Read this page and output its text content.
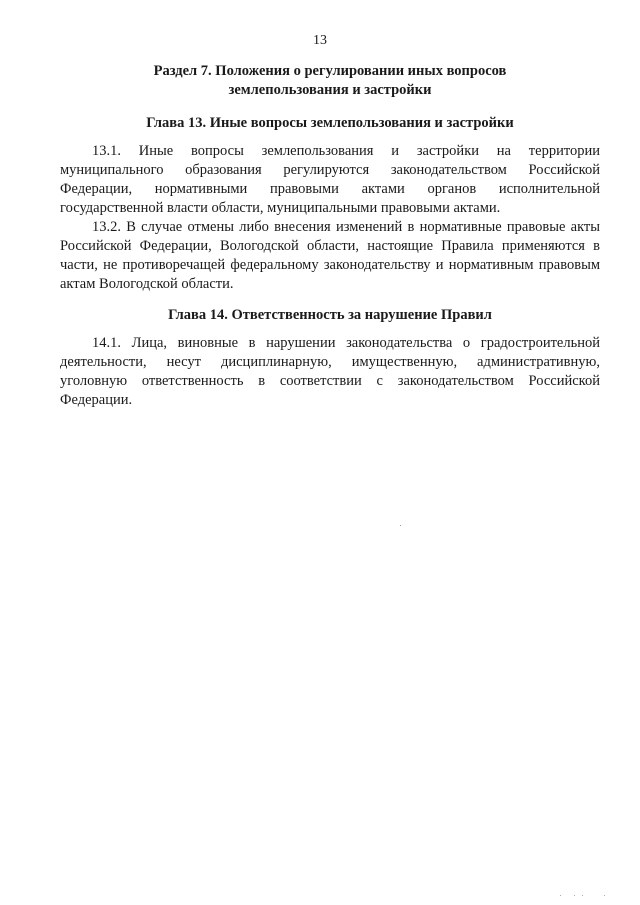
13
Раздел 7. Положения о регулировании иных вопросов землепользования и застройки
Глава 13. Иные вопросы землепользования и застройки

13.1. Иные вопросы землепользования и застройки на территории муниципального образования регулируются законодательством Российской Федерации, нормативными правовыми актами органов исполнительной государственной власти области, муниципальными правовыми актами.

13.2. В случае отмены либо внесения изменений в нормативные правовые акты Российской Федерации, Вологодской области, настоящие Правила применяются в части, не противоречащей федеральному законодательству и нормативным правовым актам Вологодской области.

Глава 14. Ответственность за нарушение Правил

14.1. Лица, виновные в нарушении законодательства о градостроительной деятельности, несут дисциплинарную, имущественную, административную, уголовную ответственность в соответствии с законодательством Российской Федерации.
